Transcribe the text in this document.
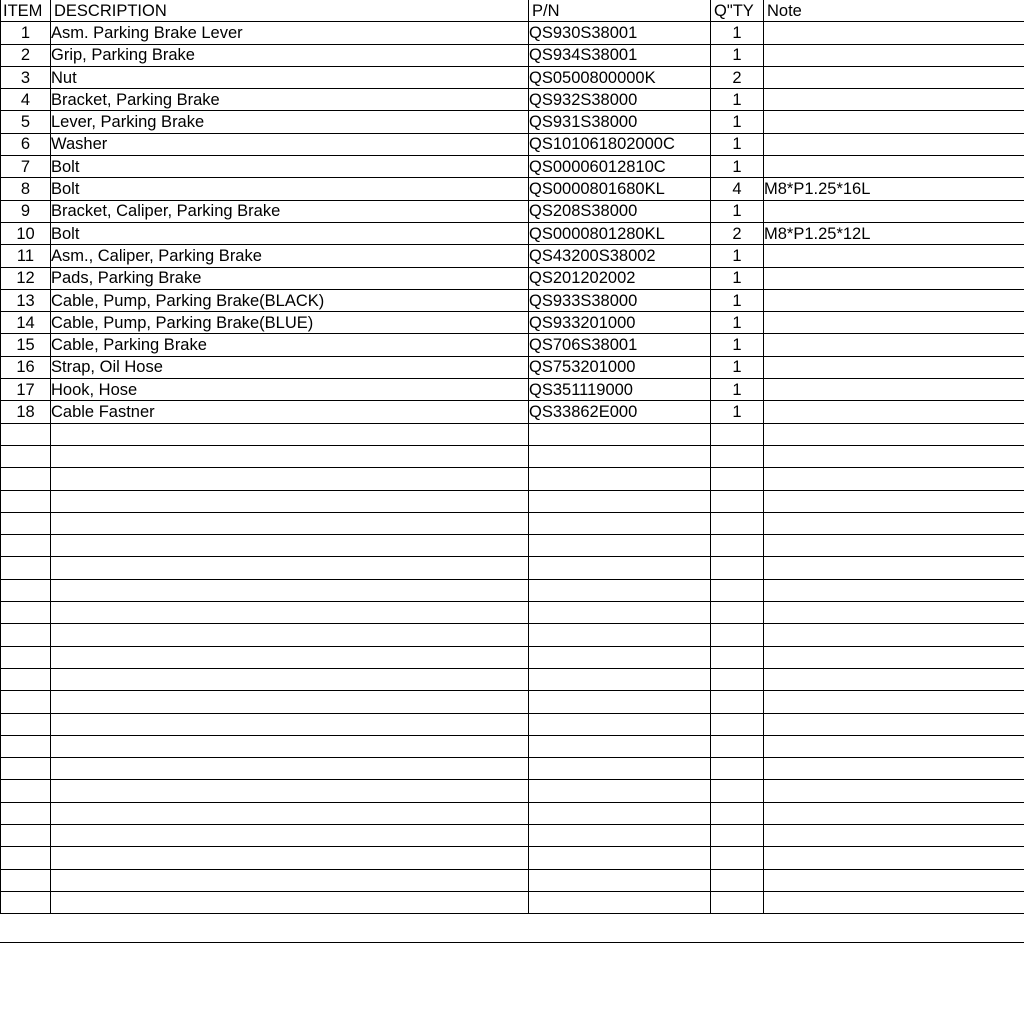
ITEM	DESCRIPTION	P/N	Q"TY	Note
1	Asm. Parking Brake Lever	QS930S38001	1	
2	Grip, Parking Brake	QS934S38001	1	
3	Nut	QS0500800000K	2	
4	Bracket, Parking Brake	QS932S38000	1	
5	Lever, Parking Brake	QS931S38000	1	
6	Washer	QS101061802000C	1	
7	Bolt	QS00006012810C	1	
8	Bolt	QS0000801680KL	4	M8*P1.25*16L
9	Bracket, Caliper, Parking Brake	QS208S38000	1	
10	Bolt	QS0000801280KL	2	M8*P1.25*12L
11	Asm., Caliper, Parking Brake	QS43200S38002	1	
12	Pads, Parking Brake	QS201202002	1	
13	Cable, Pump, Parking Brake(BLACK)	QS933S38000	1	
14	Cable, Pump, Parking Brake(BLUE)	QS933201000	1	
15	Cable, Parking Brake	QS706S38001	1	
16	Strap, Oil Hose	QS753201000	1	
17	Hook, Hose	QS351119000	1	
18	Cable Fastner	QS33862E000	1	
